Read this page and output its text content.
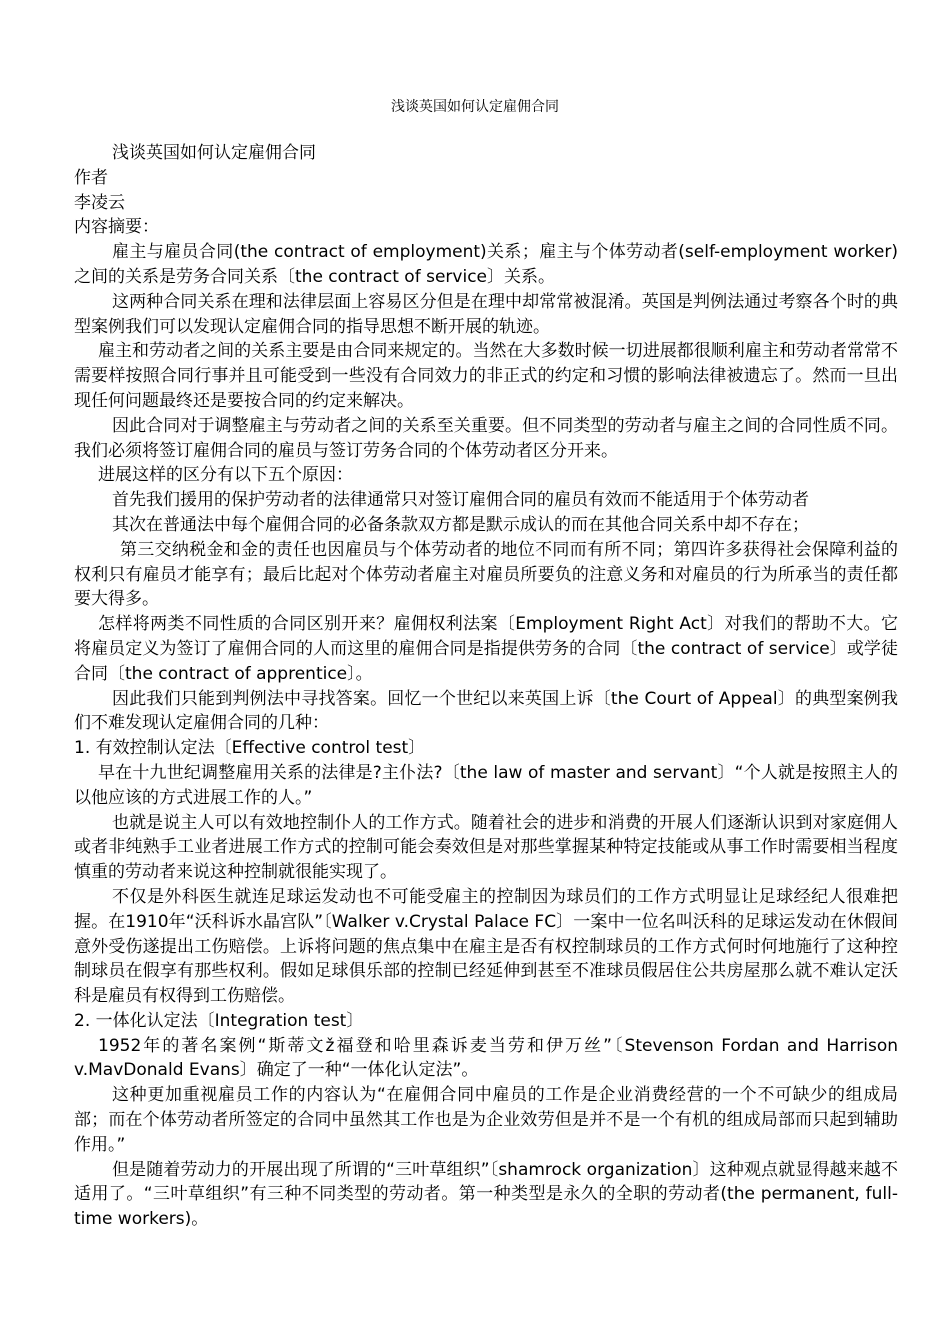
浅谈英国如何认定雇佣合同

浅谈英国如何认定雇佣合同

作者

李凌云

内容摘要：

雇主与雇员合同(the contract of employment)关系；雇主与个体劳动者(self-employment worker)之间的关系是劳务合同关系〔the contract of service〕关系。

这两种合同关系在理和法律层面上容易区分但是在理中却常常被混淆。英国是判例法通过考察各个时的典型案例我们可以发现认定雇佣合同的指导思想不断开展的轨迹。

雇主和劳动者之间的关系主要是由合同来规定的。当然在大多数时候一切进展都很顺利雇主和劳动者常常不需要样按照合同行事并且可能受到一些没有合同效力的非正式的约定和习惯的影响法律被遗忘了。然而一旦出现任何问题最终还是要按合同的约定来解决。

因此合同对于调整雇主与劳动者之间的关系至关重要。但不同类型的劳动者与雇主之间的合同性质不同。我们必须将签订雇佣合同的雇员与签订劳务合同的个体劳动者区分开来。

进展这样的区分有以下五个原因：

首先我们援用的保护劳动者的法律通常只对签订雇佣合同的雇员有效而不能适用于个体劳动者

其次在普通法中每个雇佣合同的必备条款双方都是默示成认的而在其他合同关系中却不存在；

第三交纳税金和金的责任也因雇员与个体劳动者的地位不同而有所不同；第四许多获得社会保障利益的权利只有雇员才能享有；最后比起对个体劳动者雇主对雇员所要负的注意义务和对雇员的行为所承当的责任都要大得多。

怎样将两类不同性质的合同区别开来？雇佣权利法案〔Employment Right Act〕对我们的帮助不大。它将雇员定义为签订了雇佣合同的人而这里的雇佣合同是指提供劳务的合同〔the contract of service〕或学徒合同〔the contract of apprentice〕。

因此我们只能到判例法中寻找答案。回忆一个世纪以来英国上诉〔the Court of Appeal〕的典型案例我们不难发现认定雇佣合同的几种：

1. 有效控制认定法〔Effective control test〕

早在十九世纪调整雇用关系的法律是?主仆法?〔the law of master and servant〕“个人就是按照主人的以他应该的方式进展工作的人。”

也就是说主人可以有效地控制仆人的工作方式。随着社会的进步和消费的开展人们逐渐认识到对家庭佣人或者非纯熟手工业者进展工作方式的控制可能会奏效但是对那些掌握某种特定技能或从事工作时需要相当程度慎重的劳动者来说这种控制就很能实现了。

不仅是外科医生就连足球运发动也不可能受雇主的控制因为球员们的工作方式明显让足球经纪人很难把握。在1910年“沃科诉水晶宫队”〔Walker v.Crystal Palace FC〕一案中一位名叫沃科的足球运发动在休假间意外受伤遂提出工伤赔偿。上诉将问题的焦点集中在雇主是否有权控制球员的工作方式何时何地施行了这种控制球员在假享有那些权利。假如足球俱乐部的控制已经延伸到甚至不准球员假居住公共房屋那么就不难认定沃科是雇员有权得到工伤赔偿。

2. 一体化认定法〔Integration test〕

1952年的著名案例“斯蒂文ž福登和哈里森诉麦当劳和伊万丝”〔Stevenson Fordan and Harrison v.MavDonald Evans〕确定了一种“一体化认定法”。

这种更加重视雇员工作的内容认为“在雇佣合同中雇员的工作是企业消费经营的一个不可缺少的组成局部；而在个体劳动者所签定的合同中虽然其工作也是为企业效劳但是并不是一个有机的组成局部而只起到辅助作用。”

但是随着劳动力的开展出现了所谓的“三叶草组织”〔shamrock organization〕这种观点就显得越来越不适用了。“三叶草组织”有三种不同类型的劳动者。第一种类型是永久的全职的劳动者(the permanent, full-time workers)。
